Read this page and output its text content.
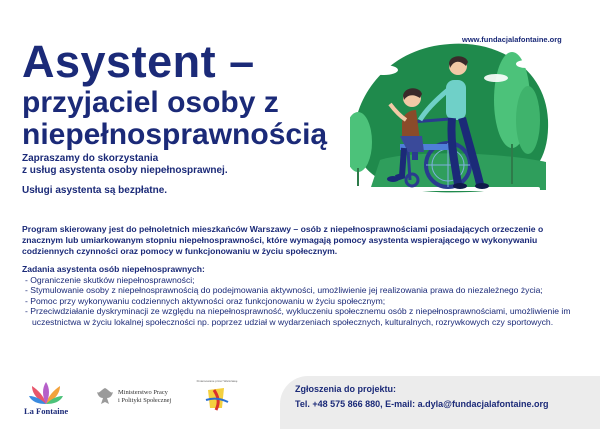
www.fundacjalafontaine.org
Asystent –
przyjaciel osoby z
niepełnosprawnością
Zapraszamy do skorzystania
z usług asystenta osoby niepełnosprawnej.
Usługi asystenta są bezpłatne.

Program skierowany jest do pełnoletnich mieszkańców Warszawy – osób z niepełnosprawnościami posiadających orzeczenie o znacznym lub umiarkowanym stopniu niepełnosprawności, które wymagają pomocy asystenta wspierającego w wykonywaniu codziennych czynności oraz pomocy w funkcjonowaniu w życiu społecznym.

Zadania asystenta osób niepełnosprawnych:
- Ograniczenie skutków niepełnosprawności;
- Stymulowanie osoby z niepełnosprawnością do podejmowania aktywności, umożliwienie jej realizowania prawa do niezależnego życia;
- Pomoc przy wykonywaniu codziennych aktywności oraz funkcjonowaniu w życiu społecznym;
- Przeciwdziałanie dyskryminacji ze względu na niepełnosprawność, wykluczeniu społecznemu osób z niepełnosprawnościami, umożliwienie im uczestnictwa w życiu lokalnej społeczności np. poprzez udział w wydarzeniach społecznych, kulturalnych, rozrywkowych czy sportowych.
La Fontaine
Ministerstwo Pracy
i Polityki Społecznej
Finansowane przez Warszawę
Zgłoszenia do projektu:
Tel. +48 575 866 880, E-mail: a.dyla@fundacjalafontaine.org
